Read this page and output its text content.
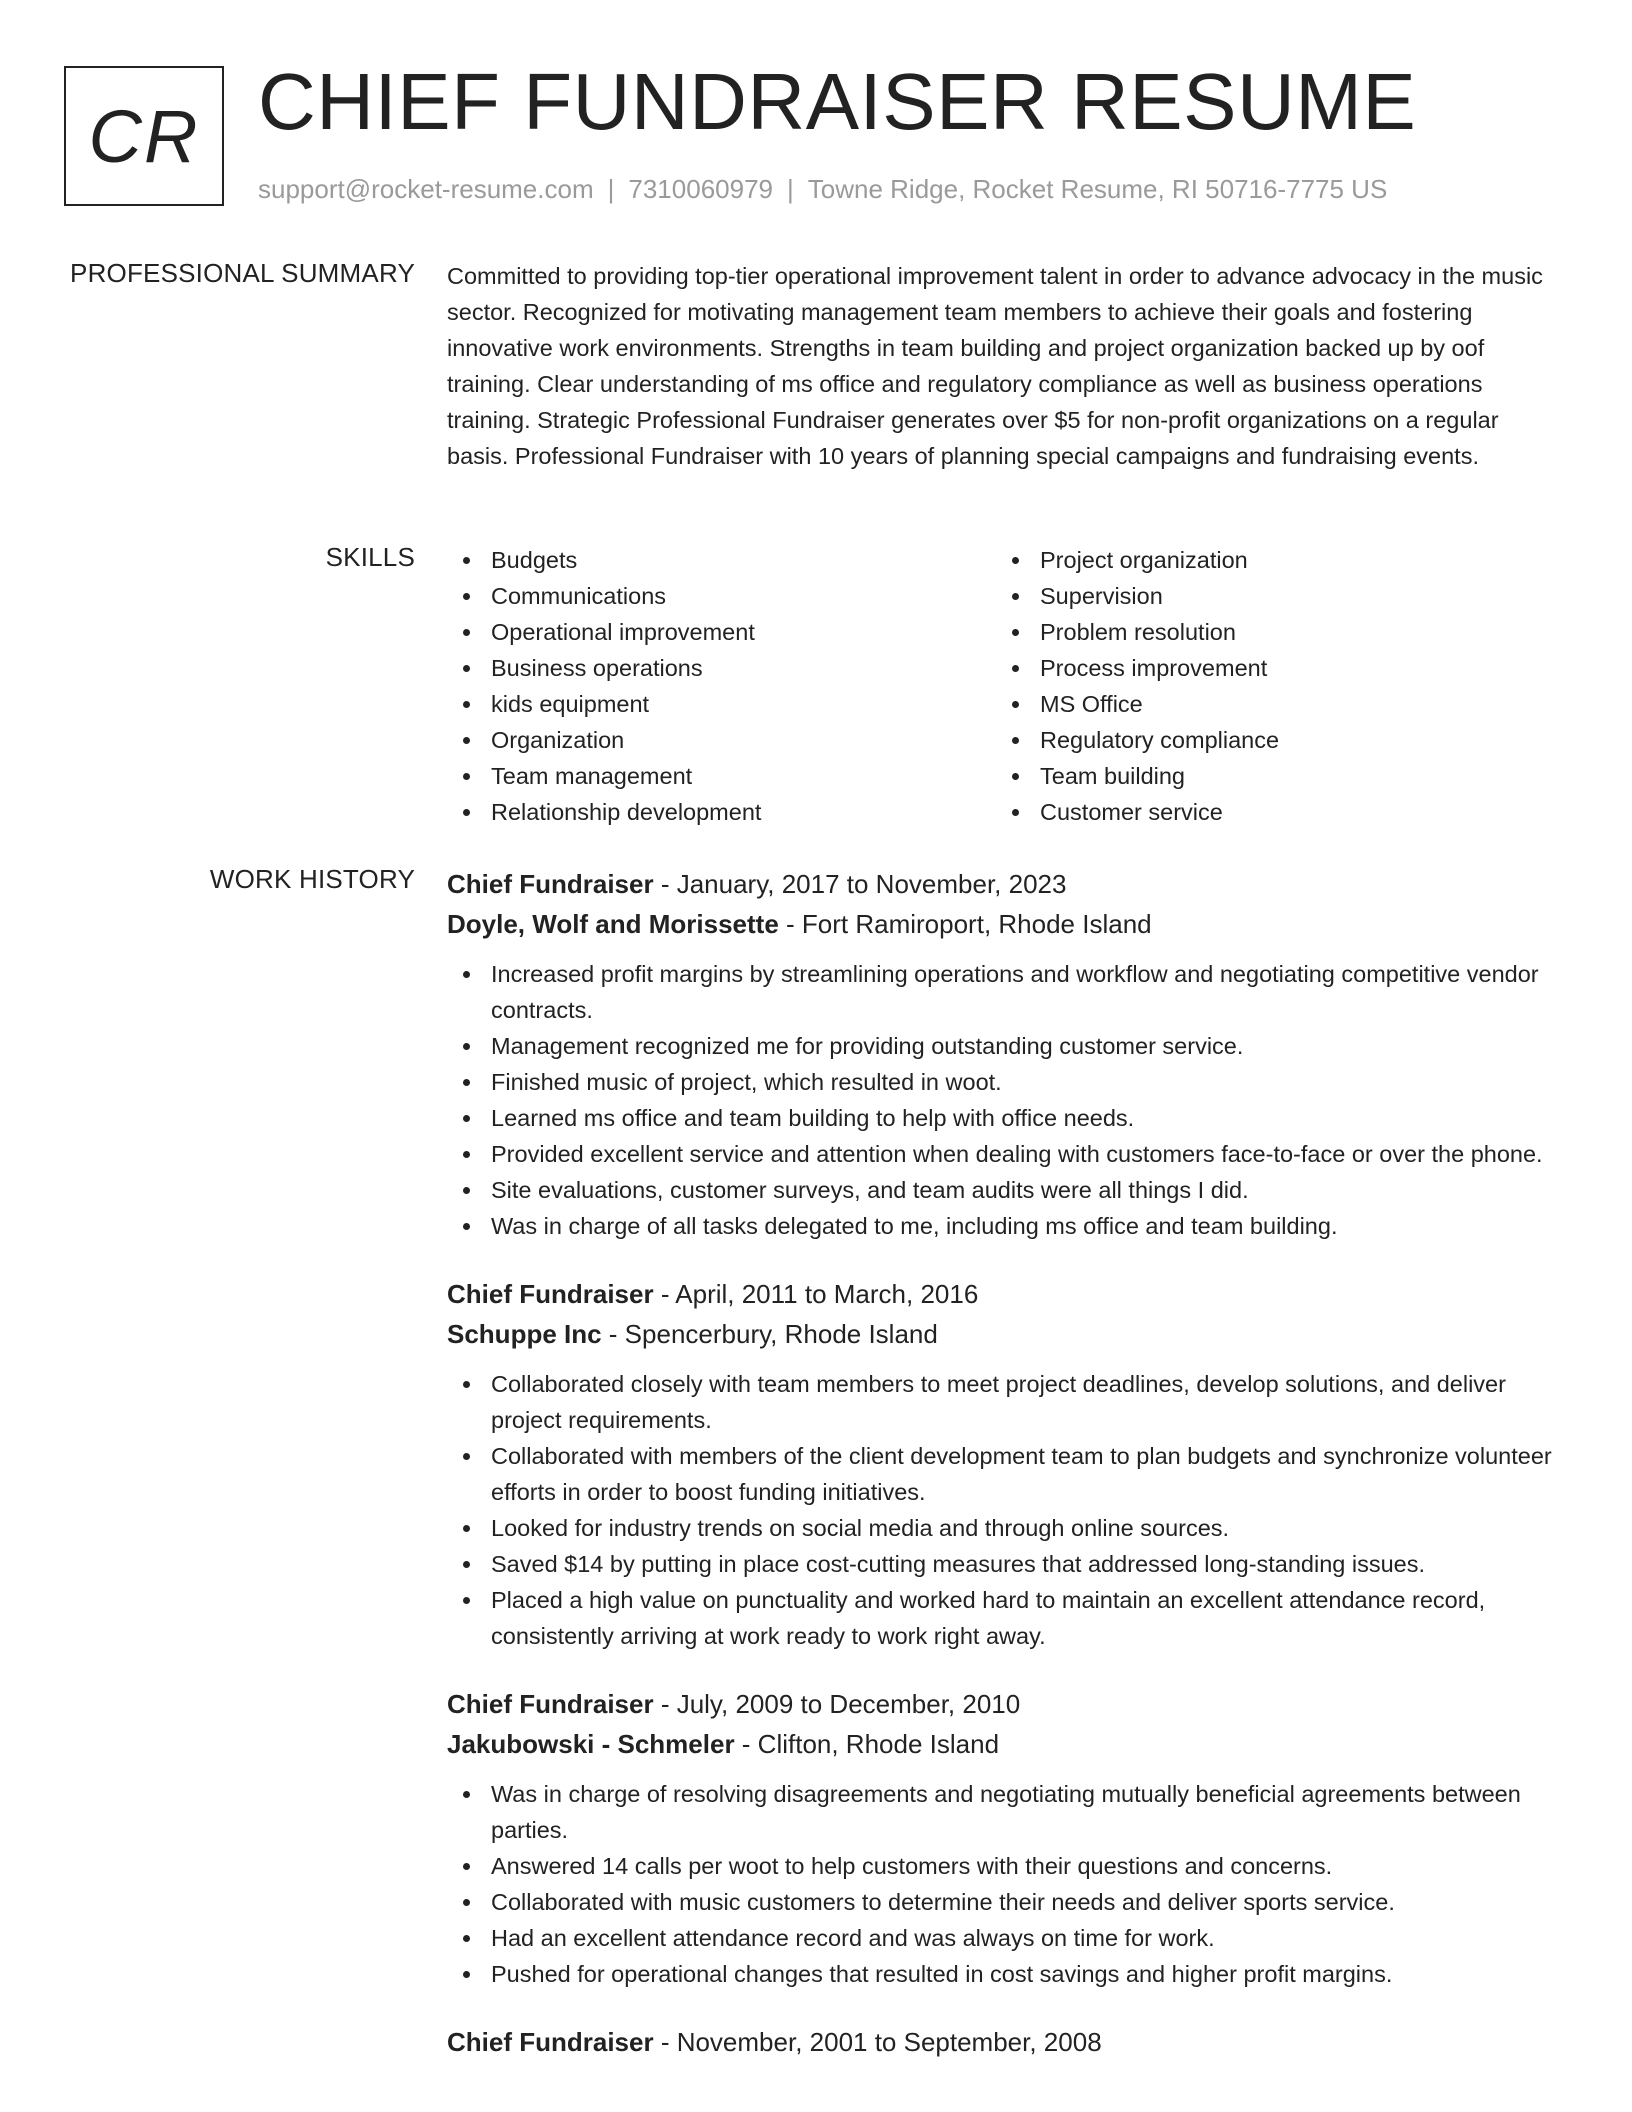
CR CHIEF FUNDRAISER RESUME
support@rocket-resume.com | 7310060979 | Towne Ridge, Rocket Resume, RI 50716-7775 US
PROFESSIONAL SUMMARY Committed to providing top-tier operational improvement talent in order to advance advocacy in the music sector. Recognized for motivating management team members to achieve their goals and fostering innovative work environments. Strengths in team building and project organization backed up by oof training. Clear understanding of ms office and regulatory compliance as well as business operations training. Strategic Professional Fundraiser generates over $5 for non-profit organizations on a regular basis. Professional Fundraiser with 10 years of planning special campaigns and fundraising events.

SKILLS	Budgets
Communications
Operational improvement
Business operations
kids equipment
Organization
Team management
Relationship development
Project organization
Supervision
Problem resolution
Process improvement
MS Office
Regulatory compliance
Team building
Customer service
WORK HISTORY Chief Fundraiser - January, 2017 to November, 2023
Doyle, Wolf and Morissette - Fort Ramiroport, Rhode Island
Increased profit margins by streamlining operations and workflow and negotiating competitive vendor contracts.
Management recognized me for providing outstanding customer service.
Finished music of project, which resulted in woot.
Learned ms office and team building to help with office needs.
Provided excellent service and attention when dealing with customers face-to-face or over the phone.
Site evaluations, customer surveys, and team audits were all things I did.
Was in charge of all tasks delegated to me, including ms office and team building.
Chief Fundraiser - April, 2011 to March, 2016
Schuppe Inc - Spencerbury, Rhode Island
Collaborated closely with team members to meet project deadlines, develop solutions, and deliver project requirements.
Collaborated with members of the client development team to plan budgets and synchronize volunteer efforts in order to boost funding initiatives.
Looked for industry trends on social media and through online sources.
Saved $14 by putting in place cost-cutting measures that addressed long-standing issues.
Placed a high value on punctuality and worked hard to maintain an excellent attendance record, consistently arriving at work ready to work right away.
Chief Fundraiser - July, 2009 to December, 2010
Jakubowski - Schmeler - Clifton, Rhode Island
Was in charge of resolving disagreements and negotiating mutually beneficial agreements between parties.
Answered 14 calls per woot to help customers with their questions and concerns.
Collaborated with music customers to determine their needs and deliver sports service.
Had an excellent attendance record and was always on time for work.
Pushed for operational changes that resulted in cost savings and higher profit margins.
Chief Fundraiser - November, 2001 to September, 2008
